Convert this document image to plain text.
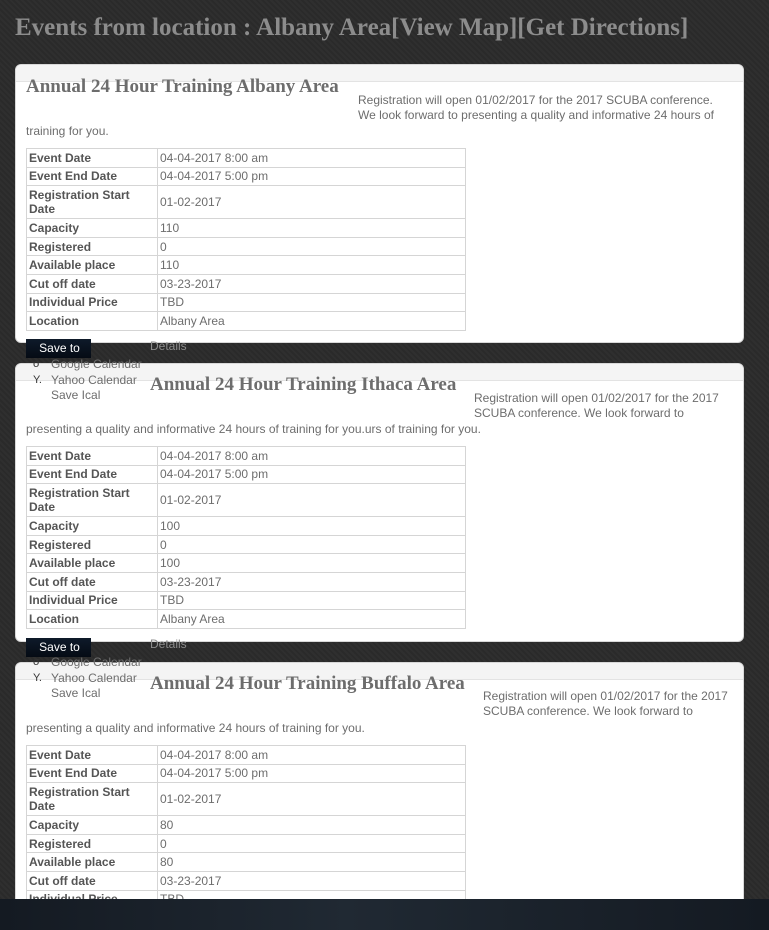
Events from location : Albany Area[View Map][Get Directions]
Annual 24 Hour Training Albany Area
Registration will open 01/02/2017 for the 2017 SCUBA conference. We look forward to presenting a quality and informative 24 hours of
training for you.
Event Date	04-04-2017 8:00 am
Event End Date	04-04-2017 5:00 pm
Registration Start Date	01-02-2017
Capacity	110
Registered	0
Available place	110
Cut off date	03-23-2017
Individual Price	TBD
Location	Albany Area
Save to	Details
σ Google Calendar
Y. Yahoo Calendar
Save Ical	Annual 24 Hour Training Ithaca Area
Registration will open 01/02/2017 for the 2017 SCUBA conference. We look forward to
presenting a quality and informative 24 hours of training for you.urs of training for you.
Event Date	04-04-2017 8:00 am
Event End Date	04-04-2017 5:00 pm
Registration Start Date	01-02-2017
Capacity	100
Registered	0
Available place	100
Cut off date	03-23-2017
Individual Price	TBD
Location	Albany Area
Save to	Details
σ Google Calendar
Y. Yahoo Calendar
Save Ical	Annual 24 Hour Training Buffalo Area
Registration will open 01/02/2017 for the 2017 SCUBA conference. We look forward to
presenting a quality and informative 24 hours of training for you.
Event Date	04-04-2017 8:00 am
Event End Date	04-04-2017 5:00 pm
Registration Start Date	01-02-2017
Capacity	80
Registered	0
Available place	80
Cut off date	03-23-2017
